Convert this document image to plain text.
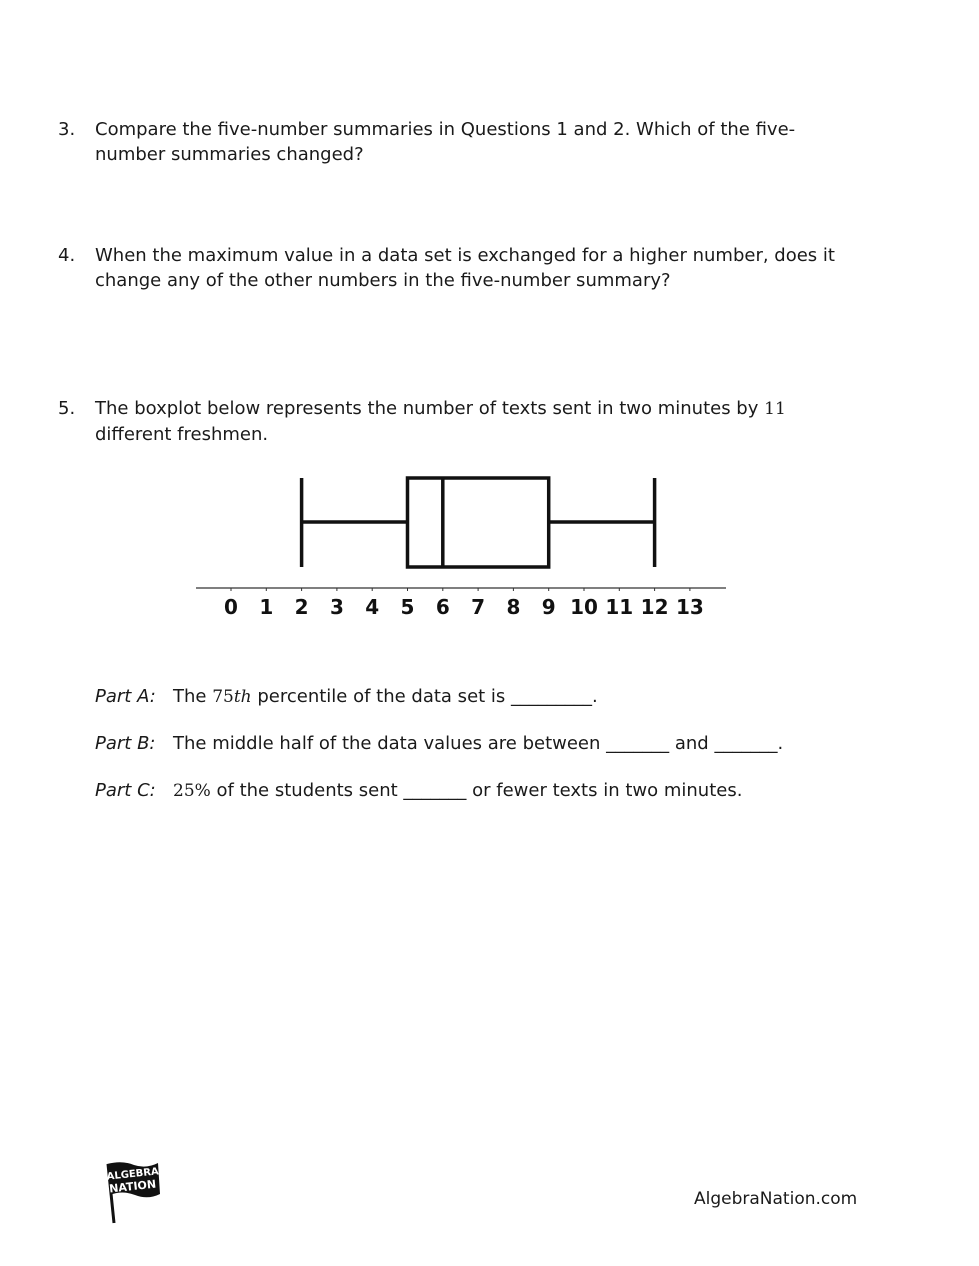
3.	Compare the five-number summaries in Questions 1 and 2. Which of the five-
number summaries changed?
4.	When the maximum value in a data set is exchanged for a higher number, does it
change any of the other numbers in the five-number summary?
5.	The boxplot below represents the number of texts sent in two minutes by 11
different freshmen.
0 1 2 3 4 5 6 7 8 9 10 11 12 13
Part A: The 75th percentile of the data set is _________.
Part B: The middle half of the data values are between _______ and _______.
Part C: 25% of the students sent _______ or fewer texts in two minutes.
ALGEBRA
NATION
AlgebraNation.com
